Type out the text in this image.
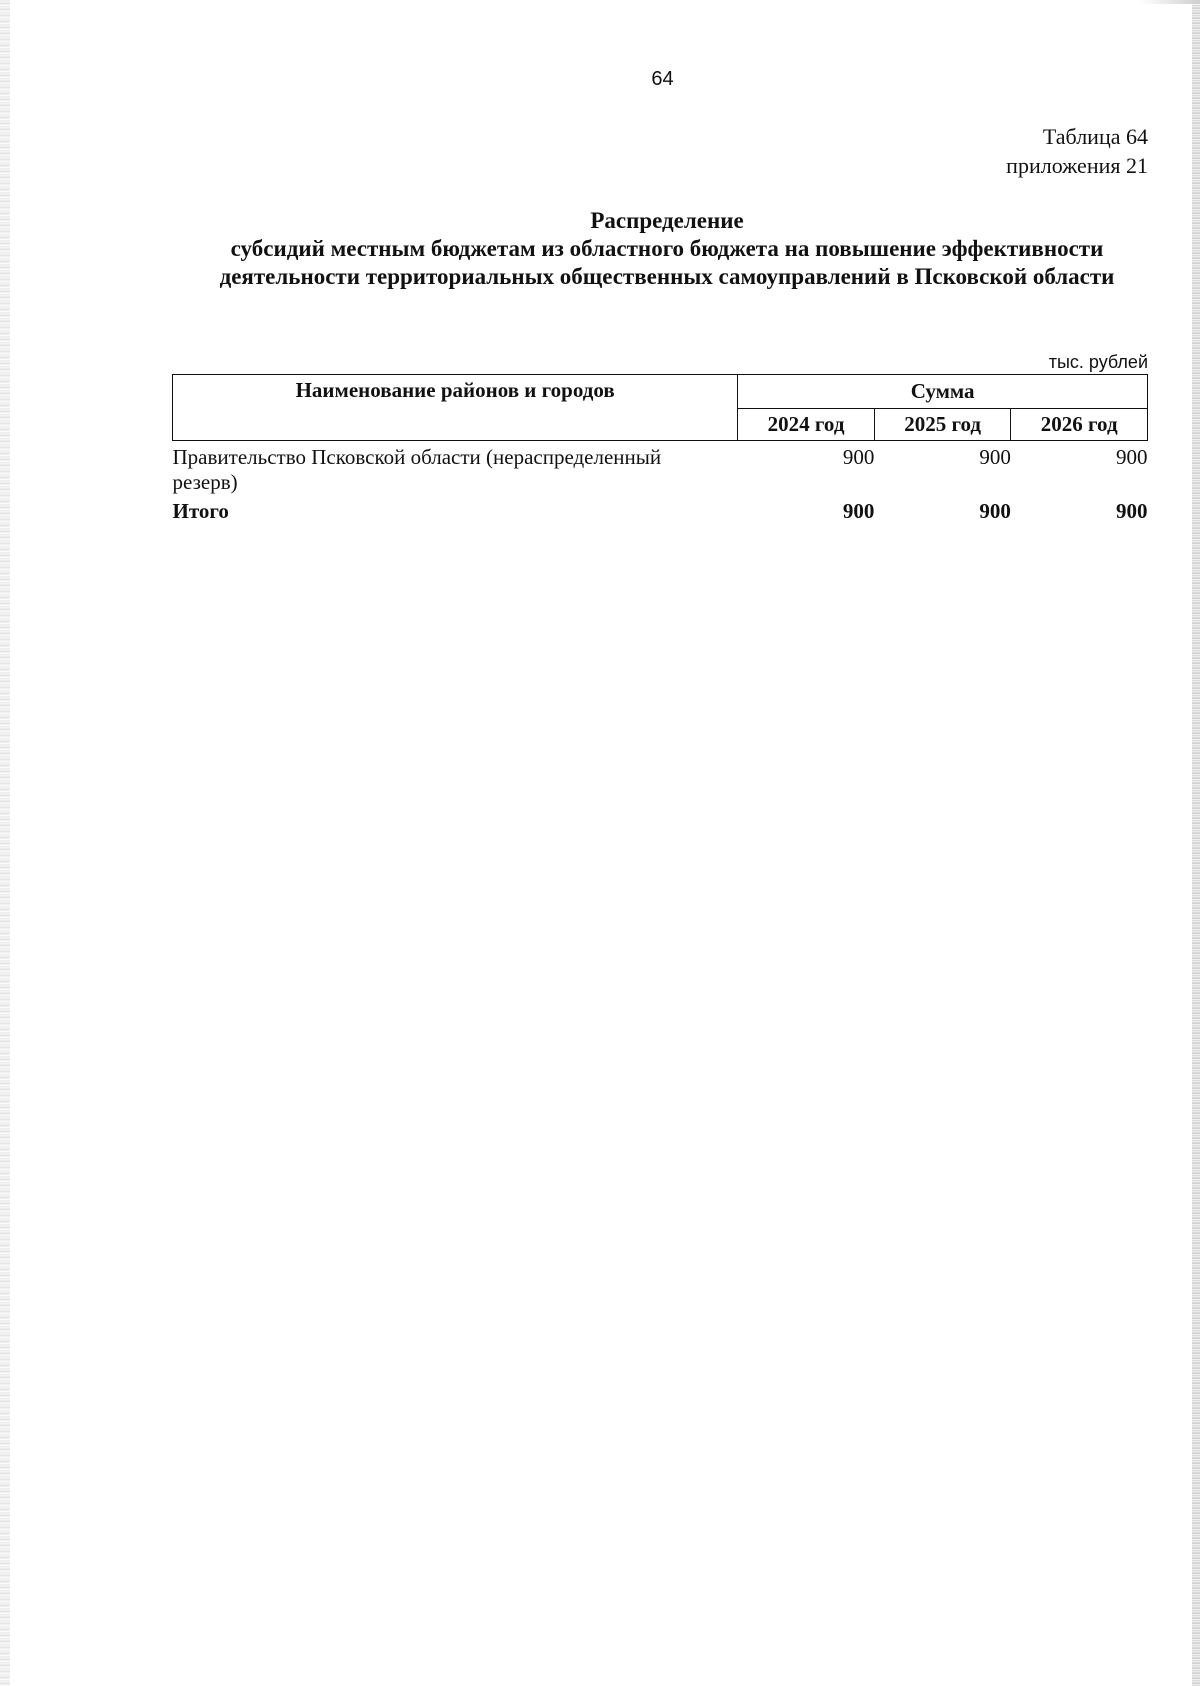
64
Таблица 64
приложения 21
Распределение
субсидий местным бюджетам из областного бюджета на повышение эффективности
деятельности территориальных общественных самоуправлений в Псковской области
тыс. рублей
Наименование районов и городов	Сумма		
	2024 год	2025 год	2026 год
Правительство Псковской области (нераспределенный резерв)	900	900	900
Итого	900	900	900
